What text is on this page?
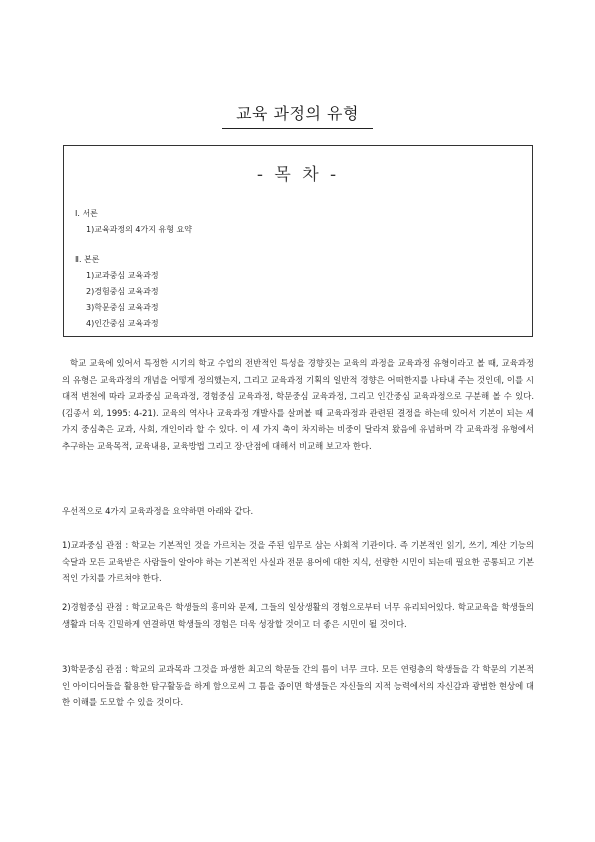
교육 과정의 유형
- 목 차 -
Ⅰ. 서론
1)교육과정의 4가지 유형 요약
Ⅱ. 본론
1)교과중심 교육과정
2)경험중심 교육과정
3)학문중심 교육과정
4)인간중심 교육과정

학교 교육에 있어서 특정한 시기의 학교 수업의 전반적인 특성을 경향짓는 교육의 과정을 교육과정 유형이라고 볼 때, 교육과정의 유형은 교육과정의 개념을 어떻게 정의했는지, 그리고 교육과정 기획의 일반적 경향은 어떠한지를 나타내 주는 것인데, 이를 시대적 변천에 따라 교과중심 교육과정, 경험중심 교육과정, 학문중심 교육과정, 그리고 인간중심 교육과정으로 구분해 볼 수 있다.(김종서 외, 1995: 4-21). 교육의 역사나 교육과정 개발사를 살펴볼 때 교육과정과 관련된 결정을 하는데 있어서 기본이 되는 세 가지 중심축은 교과, 사회, 개인이라 할 수 있다. 이 세 가지 축이 차지하는 비중이 달라져 왔음에 유념하며 각 교육과정 유형에서 추구하는 교육목적, 교육내용, 교육방법 그리고 장·단점에 대해서 비교해 보고자 한다.

우선적으로 4가지 교육과정을 요약하면 아래와 같다.

1)교과중심 관점 : 학교는 기본적인 것을 가르치는 것을 주된 임무로 삼는 사회적 기관이다. 즉 기본적인 읽기, 쓰기, 계산 기능의 숙달과 모든 교육받은 사람들이 알아야 하는 기본적인 사실과 전문 용어에 대한 지식, 선량한 시민이 되는데 필요한 공통되고 기본적인 가치를 가르쳐야 한다.

2)경험중심 관점 : 학교교육은 학생들의 흥미와 문제, 그들의 일상생활의 경험으로부터 너무 유리되어있다. 학교교육을 학생들의 생활과 더욱 긴밀하게 연결하면 학생들의 경험은 더욱 성장할 것이고 더 좋은 시민이 될 것이다.

3)학문중심 관점 : 학교의 교과목과 그것을 파생한 최고의 학문들 간의 틈이 너무 크다. 모든 연령층의 학생들을 각 학문의 기본적인 아이디어들을 활용한 탐구활동을 하게 함으로써 그 틈을 좁이면 학생들은 자신들의 지적 능력에서의 자신감과 광범한 현상에 대한 이해를 도모할 수 있을 것이다.
